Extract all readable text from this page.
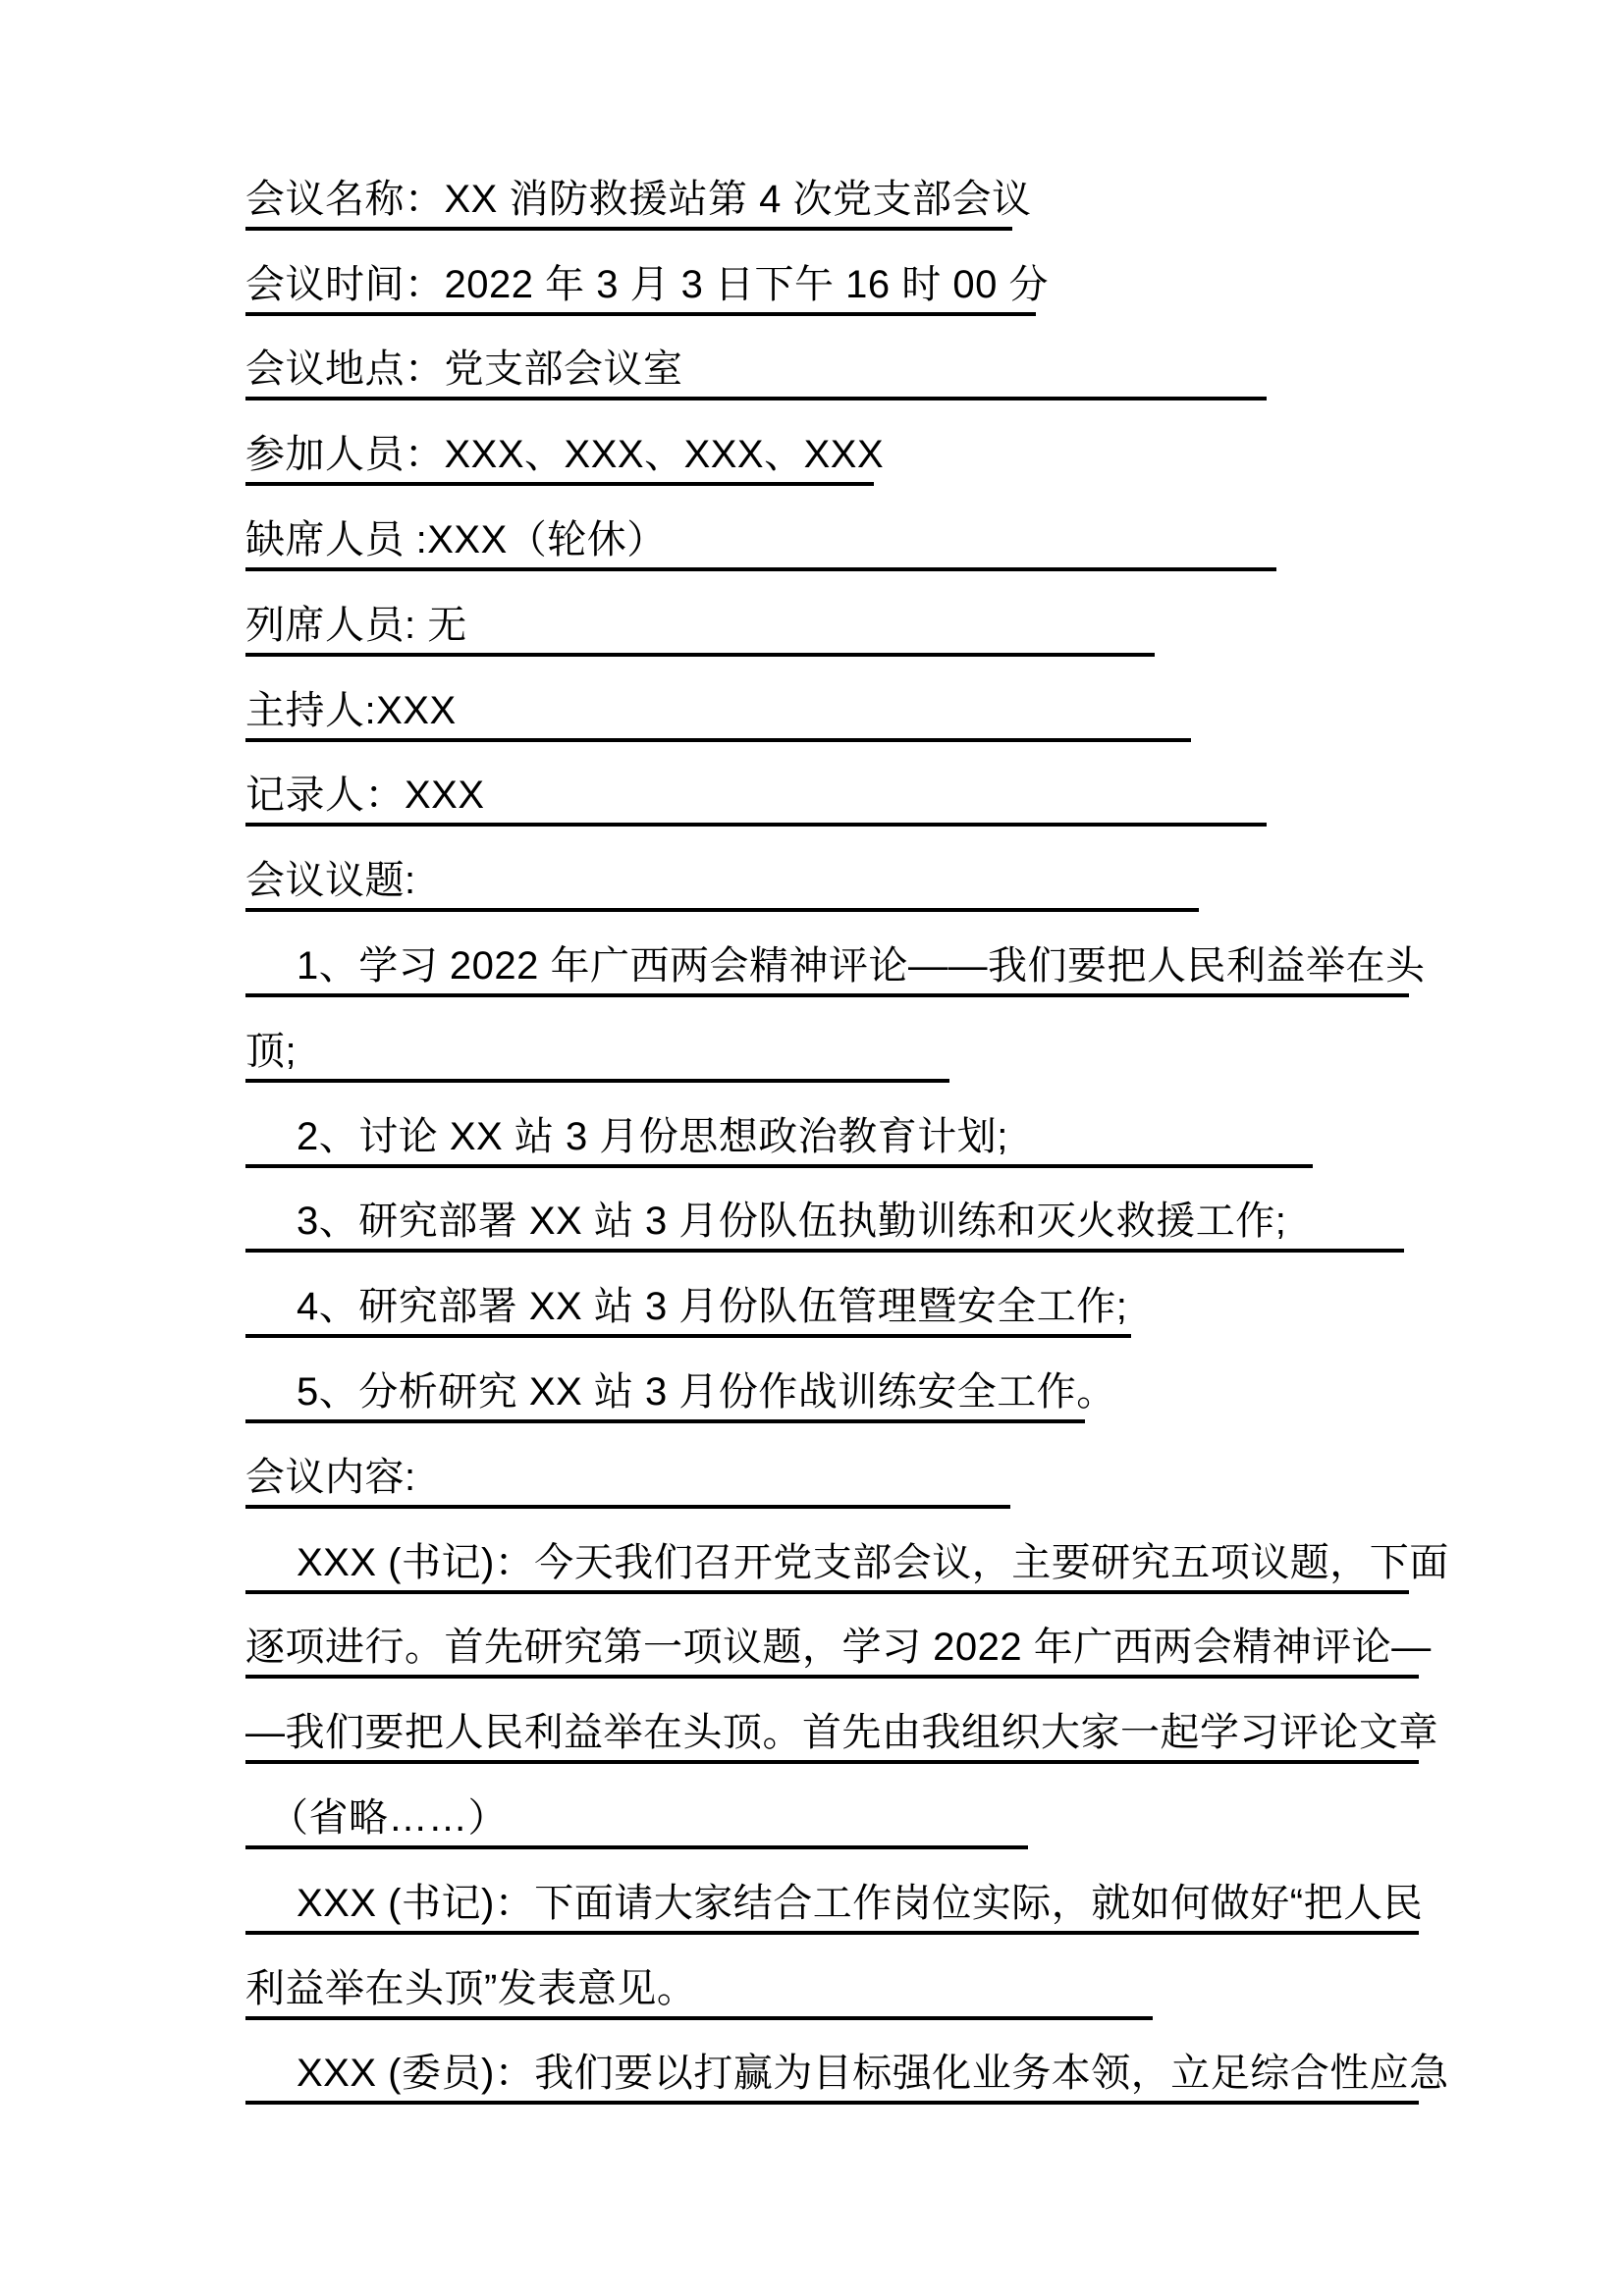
会议名称：XX 消防救援站第 4 次党支部会议
会议时间：2022 年 3 月 3 日下午 16 时 00 分
会议地点：党支部会议室
参加人员：XXX、XXX、XXX、XXX
缺席人员 :XXX（轮休）
列席人员: 无
主持人:XXX
记录人：XXX
会议议题:
1、学习 2022 年广西两会精神评论——我们要把人民利益举在头
顶;
2、讨论 XX 站 3 月份思想政治教育计划;
3、研究部署 XX 站 3 月份队伍执勤训练和灭火救援工作;
4、研究部署 XX 站 3 月份队伍管理暨安全工作;
5、分析研究 XX 站 3 月份作战训练安全工作。
会议内容:
XXX (书记)：今天我们召开党支部会议，主要研究五项议题，下面
逐项进行。首先研究第一项议题，学习 2022 年广西两会精神评论—
—我们要把人民利益举在头顶。首先由我组织大家一起学习评论文章
（省略……）
XXX (书记)：下面请大家结合工作岗位实际，就如何做好“把人民
利益举在头顶”发表意见。
XXX (委员)：我们要以打赢为目标强化业务本领，立足综合性应急
